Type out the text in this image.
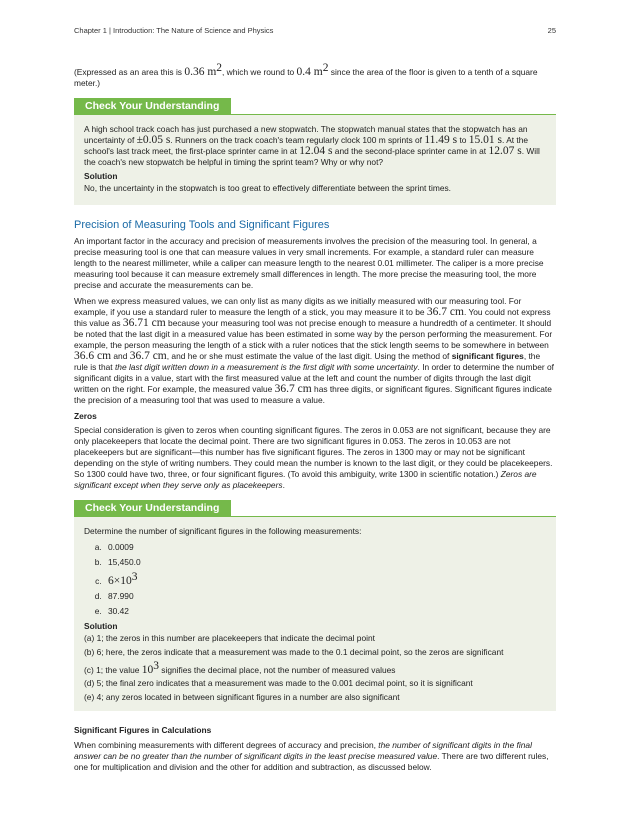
Chapter 1 | Introduction: The Nature of Science and Physics	25

(Expressed as an area this is 0.36 $m^2$, which we round to 0.4 $m^2$ since the area of the floor is given to a tenth of a square meter.)

Check Your Understanding

A high school track coach has just purchased a new stopwatch. The stopwatch manual states that the stopwatch has an uncertainty of ±0.05 s. Runners on the track coach's team regularly clock 100 m sprints of 11.49 s to 15.01 s. At the school's last track meet, the first-place sprinter came in at 12.04 s and the second-place sprinter came in at 12.07 s. Will the coach's new stopwatch be helpful in timing the sprint team? Why or why not?

Solution

No, the uncertainty in the stopwatch is too great to effectively differentiate between the sprint times.

Precision of Measuring Tools and Significant Figures

An important factor in the accuracy and precision of measurements involves the precision of the measuring tool. In general, a precise measuring tool is one that can measure values in very small increments. For example, a standard ruler can measure length to the nearest millimeter, while a caliper can measure length to the nearest 0.01 millimeter. The caliper is a more precise measuring tool because it can measure extremely small differences in length. The more precise the measuring tool, the more precise and accurate the measurements can be.

When we express measured values, we can only list as many digits as we initially measured with our measuring tool. For example, if you use a standard ruler to measure the length of a stick, you may measure it to be 36.7 cm. You could not express this value as 36.71 cm because your measuring tool was not precise enough to measure a hundredth of a centimeter. It should be noted that the last digit in a measured value has been estimated in some way by the person performing the measurement. For example, the person measuring the length of a stick with a ruler notices that the stick length seems to be somewhere in between 36.6 cm and 36.7 cm, and he or she must estimate the value of the last digit. Using the method of significant figures, the rule is that the last digit written down in a measurement is the first digit with some uncertainty. In order to determine the number of significant digits in a value, start with the first measured value at the left and count the number of digits through the last digit written on the right. For example, the measured value 36.7 cm has three digits, or significant figures. Significant figures indicate the precision of a measuring tool that was used to measure a value.

Zeros

Special consideration is given to zeros when counting significant figures. The zeros in 0.053 are not significant, because they are only placekeepers that locate the decimal point. There are two significant figures in 0.053. The zeros in 10.053 are not placekeepers but are significant—this number has five significant figures. The zeros in 1300 may or may not be significant depending on the style of writing numbers. They could mean the number is known to the last digit, or they could be placekeepers. So 1300 could have two, three, or four significant figures. (To avoid this ambiguity, write 1300 in scientific notation.) Zeros are significant except when they serve only as placekeepers.

Check Your Understanding

Determine the number of significant figures in the following measurements:

a. 0.0009
b. 15,450.0
c. $6\times 10^3$
d. 87.990
e. 30.42
Solution

(a) 1; the zeros in this number are placekeepers that indicate the decimal point

(b) 6; here, the zeros indicate that a measurement was made to the 0.1 decimal point, so the zeros are significant

(c) 1; the value $10^3$ signifies the decimal place, not the number of measured values

(d) 5; the final zero indicates that a measurement was made to the 0.001 decimal point, so it is significant

(e) 4; any zeros located in between significant figures in a number are also significant

Significant Figures in Calculations

When combining measurements with different degrees of accuracy and precision, the number of significant digits in the final answer can be no greater than the number of significant digits in the least precise measured value. There are two different rules, one for multiplication and division and the other for addition and subtraction, as discussed below.
